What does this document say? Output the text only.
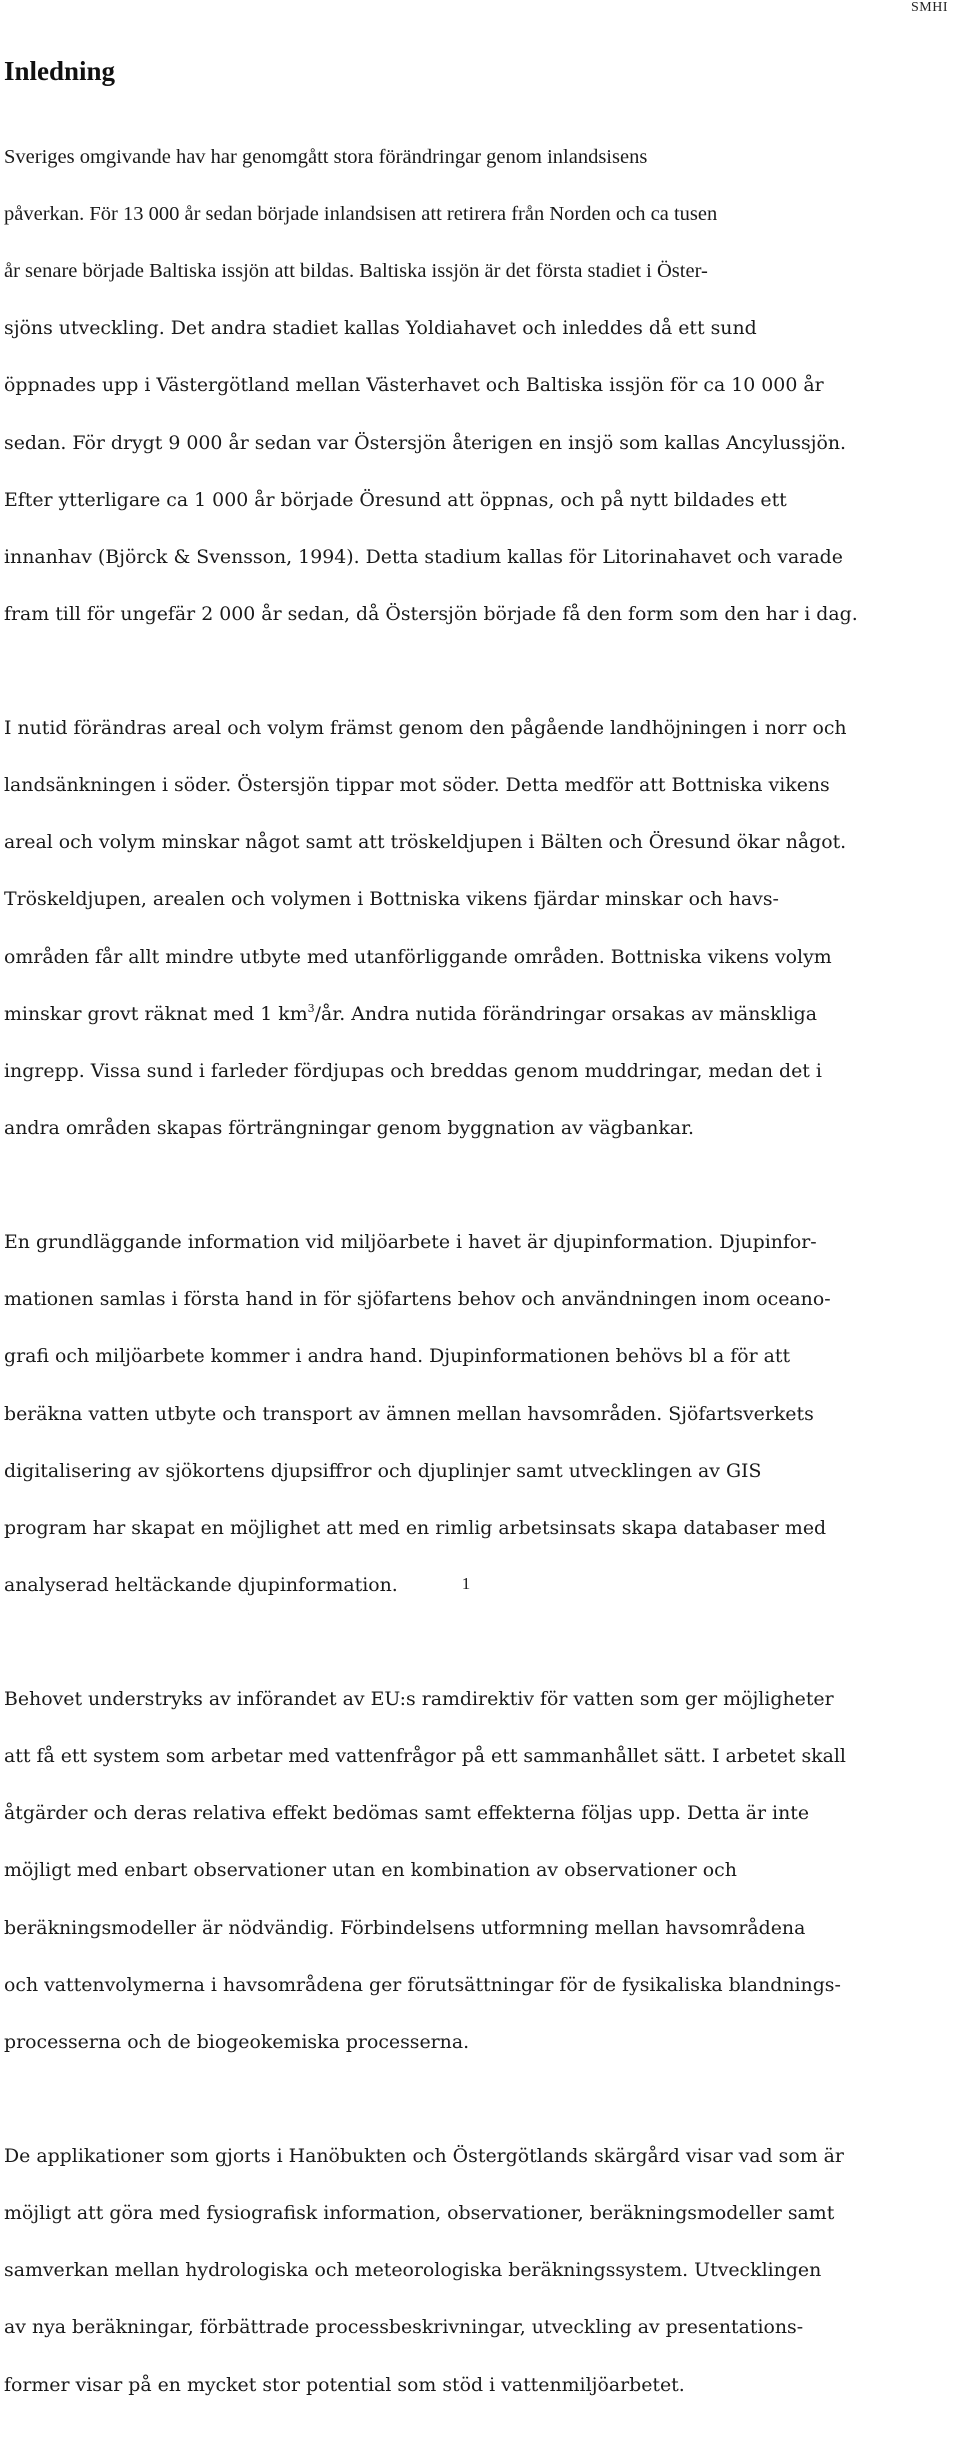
SMHI
Inledning

Sveriges omgivande hav har genomgått stora förändringar genom inlandsisens

påverkan. För 13 000 år sedan började inlandsisen att retirera från Norden och ca tusen

år senare började Baltiska issjön att bildas. Baltiska issjön är det första stadiet i Öster-

sjöns utveckling. Det andra stadiet kallas Yoldiahavet och inleddes då ett sund

öppnades upp i Västergötland mellan Västerhavet och Baltiska issjön för ca 10 000 år

sedan. För drygt 9 000 år sedan var Östersjön återigen en insjö som kallas Ancylussjön.

Efter ytterligare ca 1 000 år började Öresund att öppnas, och på nytt bildades ett

innanhav (Björck & Svensson, 1994). Detta stadium kallas för Litorinahavet och varade

fram till för ungefär 2 000 år sedan, då Östersjön började få den form som den har i dag.

I nutid förändras areal och volym främst genom den pågående landhöjningen i norr och

landsänkningen i söder. Östersjön tippar mot söder. Detta medför att Bottniska vikens

areal och volym minskar något samt att tröskeldjupen i Bälten och Öresund ökar något.

Tröskeldjupen, arealen och volymen i Bottniska vikens fjärdar minskar och havs-

områden får allt mindre utbyte med utanförliggande områden. Bottniska vikens volym

minskar grovt räknat med 1 $km^3/år$. Andra nutida förändringar orsakas av mänskliga

ingrepp. Vissa sund i farleder fördjupas och breddas genom muddringar, medan det i

andra områden skapas förträngningar genom byggnation av vägbankar.

En grundläggande information vid miljöarbete i havet är djupinformation. Djupinfor-

mationen samlas i första hand in för sjöfartens behov och användningen inom oceano-

grafi och miljöarbete kommer i andra hand. Djupinformationen behövs bl a för att

beräkna vatten utbyte och transport av ämnen mellan havsområden. Sjöfartsverkets

digitalisering av sjökortens djupsiffror och djuplinjer samt utvecklingen av GIS

program har skapat en möjlighet att med en rimlig arbetsinsats skapa databaser med

analyserad heltäckande djupinformation.

Behovet understryks av införandet av EU:s ramdirektiv för vatten som ger möjligheter

att få ett system som arbetar med vattenfrågor på ett sammanhållet sätt. I arbetet skall

åtgärder och deras relativa effekt bedömas samt effekterna följas upp. Detta är inte

möjligt med enbart observationer utan en kombination av observationer och

beräkningsmodeller är nödvändig. Förbindelsens utformning mellan havsområdena

och vattenvolymerna i havsområdena ger förutsättningar för de fysikaliska blandnings-

processerna och de biogeokemiska processerna.

De applikationer som gjorts i Hanöbukten och Östergötlands skärgård visar vad som är

möjligt att göra med fysiografisk information, observationer, beräkningsmodeller samt

samverkan mellan hydrologiska och meteorologiska beräkningssystem. Utvecklingen

av nya beräkningar, förbättrade processbeskrivningar, utveckling av presentations-

former visar på en mycket stor potential som stöd i vattenmiljöarbetet.

1
